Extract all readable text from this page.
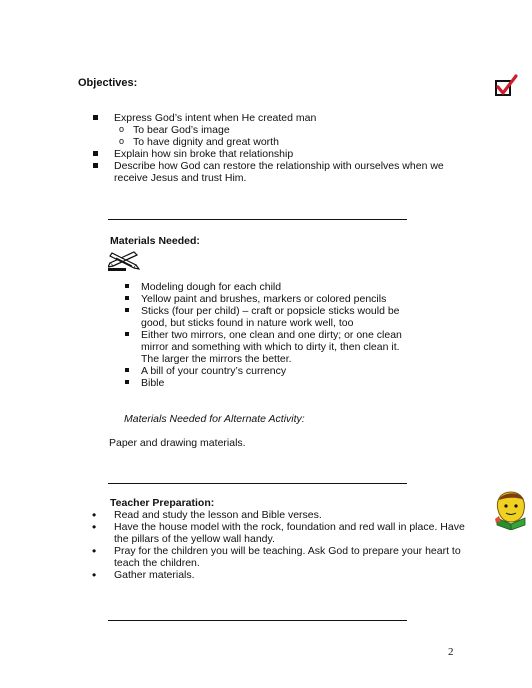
Objectives:
Express God’s intent when He created man
o To bear God’s image
o To have dignity and great worth
Explain how sin broke that relationship
Describe how God can restore the relationship with ourselves when we receive Jesus and trust Him.
Materials Needed:
Modeling dough for each child
Yellow paint and brushes, markers or colored pencils
Sticks (four per child) – craft or popsicle sticks would be good, but sticks found in nature work well, too
Either two mirrors, one clean and one dirty; or one clean mirror and something with which to dirty it, then clean it. The larger the mirrors the better.
A bill of your country’s currency
Bible
Materials Needed for Alternate Activity:
Paper and drawing materials.
Teacher Preparation:
• Read and study the lesson and Bible verses.
• Have the house model with the rock, foundation and red wall in place. Have the pillars of the yellow wall handy.
• Pray for the children you will be teaching. Ask God to prepare your heart to teach the children.
• Gather materials.
2
